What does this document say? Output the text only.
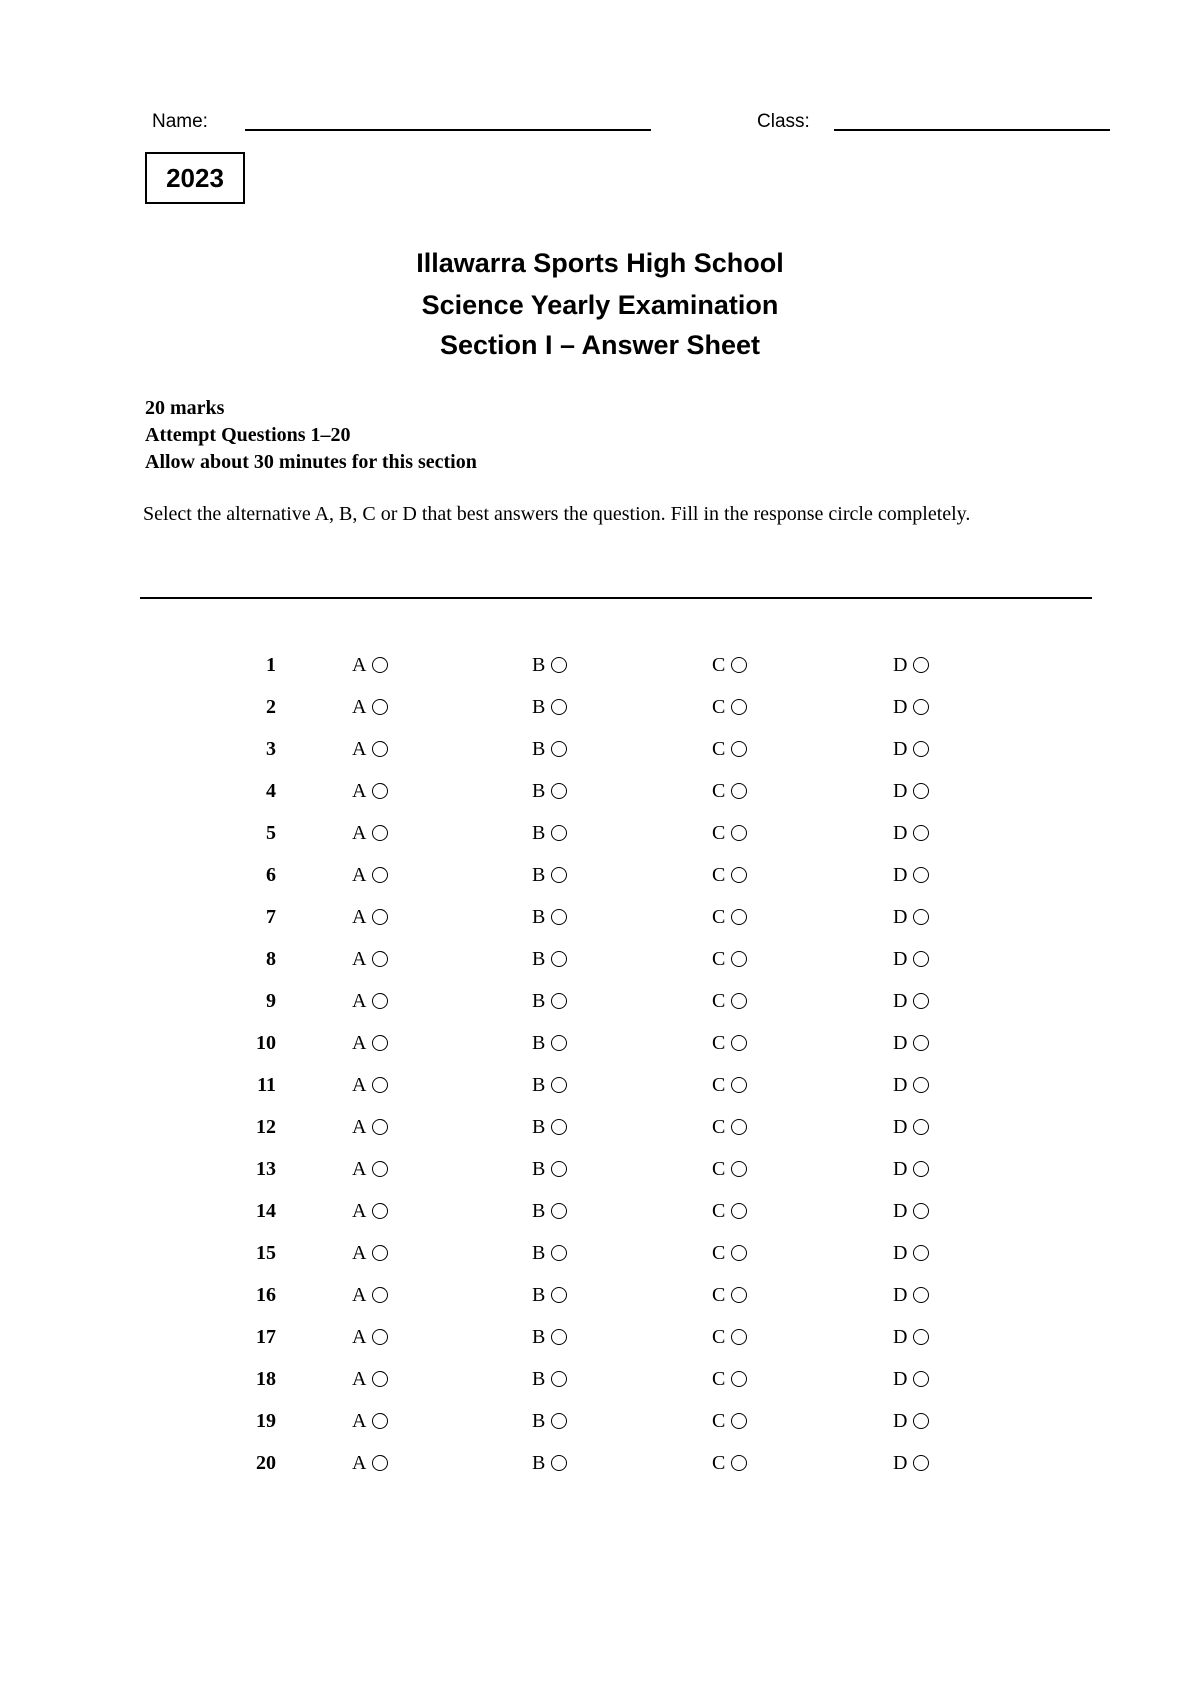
Name:	Class:
2023
Illawarra Sports High School
Science Yearly Examination
Section I – Answer Sheet
20 marks
Attempt Questions 1–20
Allow about 30 minutes for this section
Select the alternative A, B, C or D that best answers the question. Fill in the response circle completely.
1	A	B	C	D
2	A	B	C	D
3	A	B	C	D
4	A	B	C	D
5	A	B	C	D
6	A	B	C	D
7	A	B	C	D
8	A	B	C	D
9	A	B	C	D
10	A	B	C	D
11	A	B	C	D
12	A	B	C	D
13	A	B	C	D
14	A	B	C	D
15	A	B	C	D
16	A	B	C	D
17	A	B	C	D
18	A	B	C	D
19	A	B	C	D
20	A	B	C	D
